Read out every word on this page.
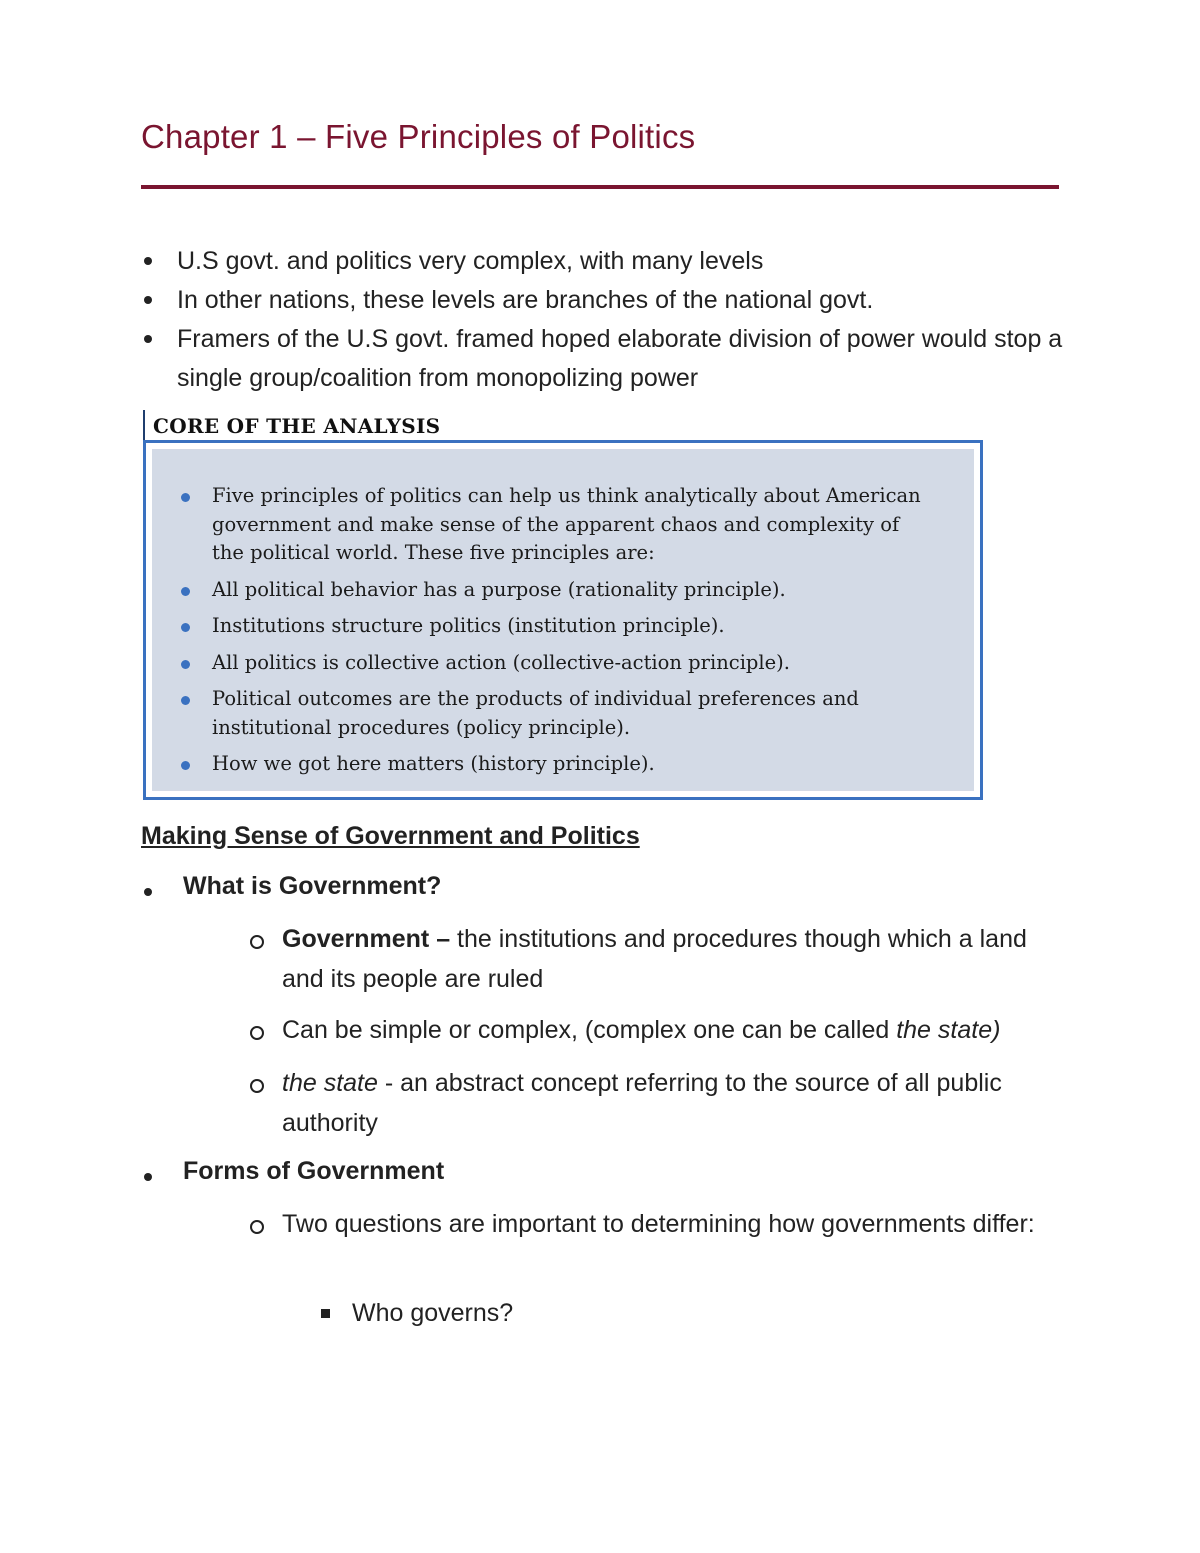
Chapter 1 – Five Principles of Politics
U.S govt. and politics very complex, with many levels
In other nations, these levels are branches of the national govt.
Framers of the U.S govt. framed hoped elaborate division of power would stop a single group/coalition from monopolizing power
CORE OF THE ANALYSIS
Five principles of politics can help us think analytically about American government and make sense of the apparent chaos and complexity of the political world. These five principles are:
All political behavior has a purpose (rationality principle).
Institutions structure politics (institution principle).
All politics is collective action (collective-action principle).
Political outcomes are the products of individual preferences and institutional procedures (policy principle).
How we got here matters (history principle).
Making Sense of Government and Politics
What is Government?
Government – the institutions and procedures though which a land and its people are ruled
Can be simple or complex, (complex one can be called the state)
the state - an abstract concept referring to the source of all public authority
Forms of Government
Two questions are important to determining how governments differ:
Who governs?
